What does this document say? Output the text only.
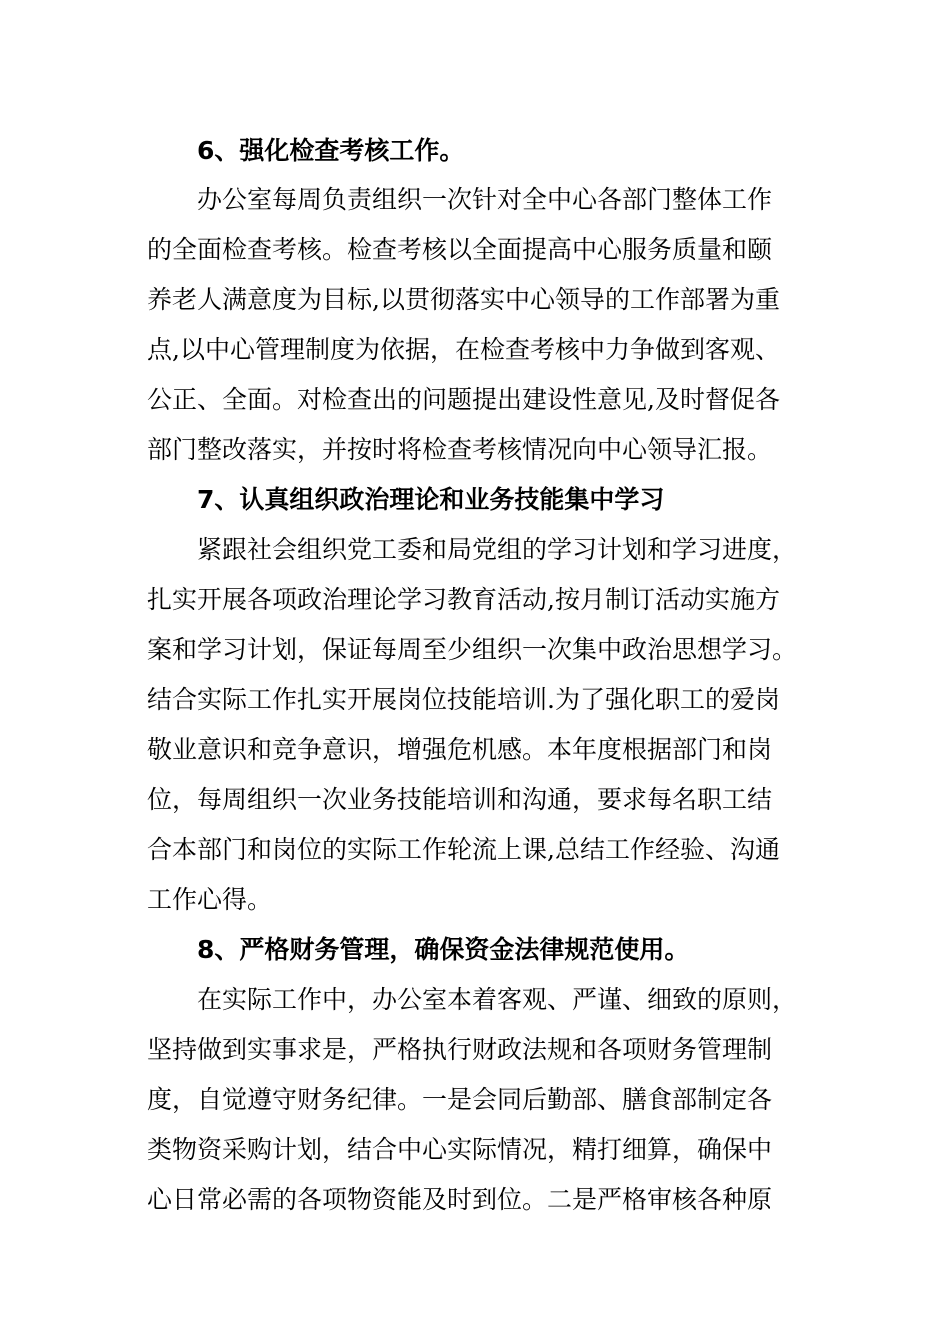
6、强化检查考核工作。
办公室每周负责组织一次针对全中心各部门整体工作
的全面检查考核。检查考核以全面提高中心服务质量和颐
养老人满意度为目标,以贯彻落实中心领导的工作部署为重
点,以中心管理制度为依据，在检查考核中力争做到客观、
公正、全面。对检查出的问题提出建设性意见,及时督促各
部门整改落实，并按时将检查考核情况向中心领导汇报。
7、认真组织政治理论和业务技能集中学习
紧跟社会组织党工委和局党组的学习计划和学习进度，
扎实开展各项政治理论学习教育活动,按月制订活动实施方
案和学习计划，保证每周至少组织一次集中政治思想学习。
结合实际工作扎实开展岗位技能培训.为了强化职工的爱岗
敬业意识和竞争意识，增强危机感。本年度根据部门和岗
位，每周组织一次业务技能培训和沟通，要求每名职工结
合本部门和岗位的实际工作轮流上课,总结工作经验、沟通
工作心得。
8、严格财务管理，确保资金法律规范使用。
在实际工作中，办公室本着客观、严谨、细致的原则，
坚持做到实事求是，严格执行财政法规和各项财务管理制
度，自觉遵守财务纪律。一是会同后勤部、膳食部制定各
类物资采购计划，结合中心实际情况，精打细算，确保中
心日常必需的各项物资能及时到位。二是严格审核各种原
